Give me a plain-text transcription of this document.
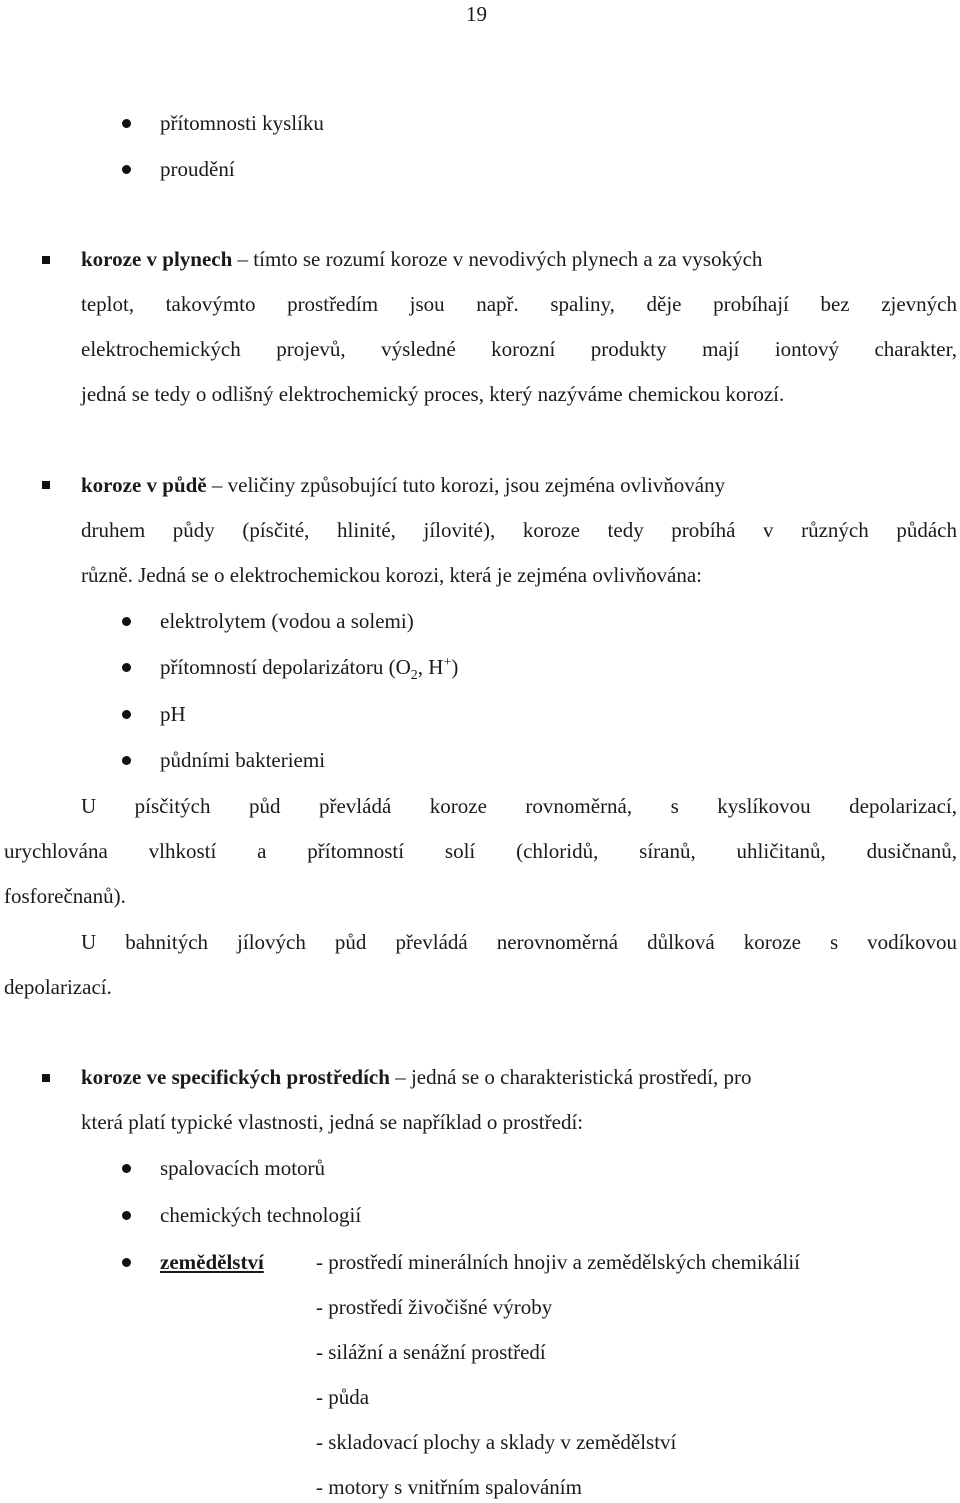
19
přítomnosti kyslíku
proudění
koroze v plynech – tímto se rozumí koroze v nevodivých plynech a za vysokých
teplot, takovýmto prostředím jsou např. spaliny, děje probíhají bez zjevných
elektrochemických projevů, výsledné korozní produkty mají iontový charakter,
jedná se tedy o odlišný elektrochemický proces, který nazýváme chemickou korozí.
koroze v půdě – veličiny způsobující tuto korozi, jsou zejména ovlivňovány
druhem půdy (písčité, hlinité, jílovité), koroze tedy probíhá v různých půdách
různě. Jedná se o elektrochemickou korozi, která je zejména ovlivňována:
elektrolytem (vodou a solemi)
přítomností depolarizátoru ($O_2$, H+)
pH
půdními bakteriemi
U písčitých půd převládá koroze rovnoměrná, s kyslíkovou depolarizací,
urychlována vlhkostí a přítomností solí (chloridů, síranů, uhličitanů, dusičnanů,
fosforečnanů).
U bahnitých jílových půd převládá nerovnoměrná důlková koroze s vodíkovou
depolarizací.
koroze ve specifických prostředích – jedná se o charakteristická prostředí, pro
která platí typické vlastnosti, jedná se například o prostředí:
spalovacích motorů
chemických technologií
zemědělství - prostředí minerálních hnojiv a zemědělských chemikálií
- prostředí živočišné výroby
- silážní a senážní prostředí
- půda
- skladovací plochy a sklady v zemědělství
- motory s vnitřním spalováním
